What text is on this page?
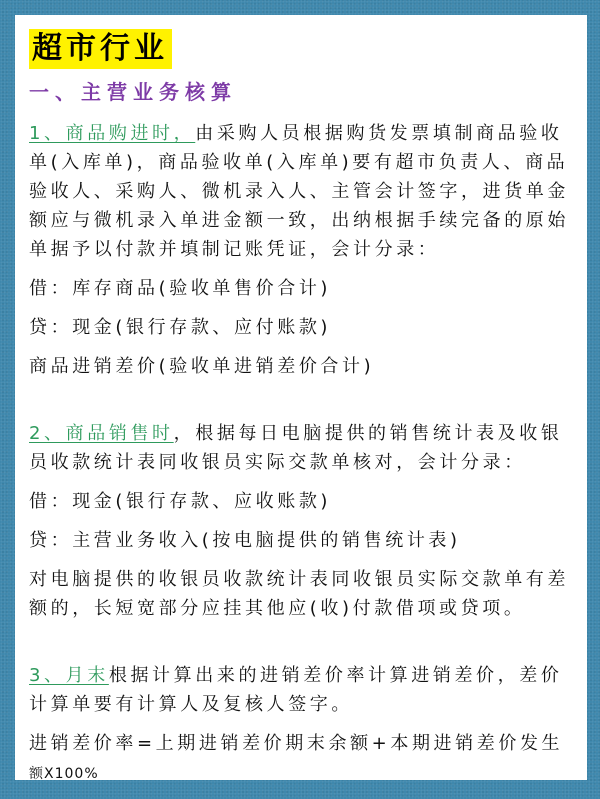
超市行业
一、主营业务核算

1、商品购进时，由采购人员根据购货发票填制商品验收单(入库单)，商品验收单(入库单)要有超市负责人、商品验收人、采购人、微机录入人、主管会计签字，进货单金额应与微机录入单进金额一致，出纳根据手续完备的原始单据予以付款并填制记账凭证，会计分录：

借：库存商品(验收单售价合计)

贷：现金(银行存款、应付账款)

商品进销差价(验收单进销差价合计)

2、商品销售时，根据每日电脑提供的销售统计表及收银员收款统计表同收银员实际交款单核对，会计分录：

借：现金(银行存款、应收账款)

贷：主营业务收入(按电脑提供的销售统计表)

对电脑提供的收银员收款统计表同收银员实际交款单有差额的，长短宽部分应挂其他应(收)付款借项或贷项。

3、月末根据计算出来的进销差价率计算进销差价，差价计算单要有计算人及复核人签字。

进销差价率=上期进销差价期末余额+本期进销差价发生
额X100%
